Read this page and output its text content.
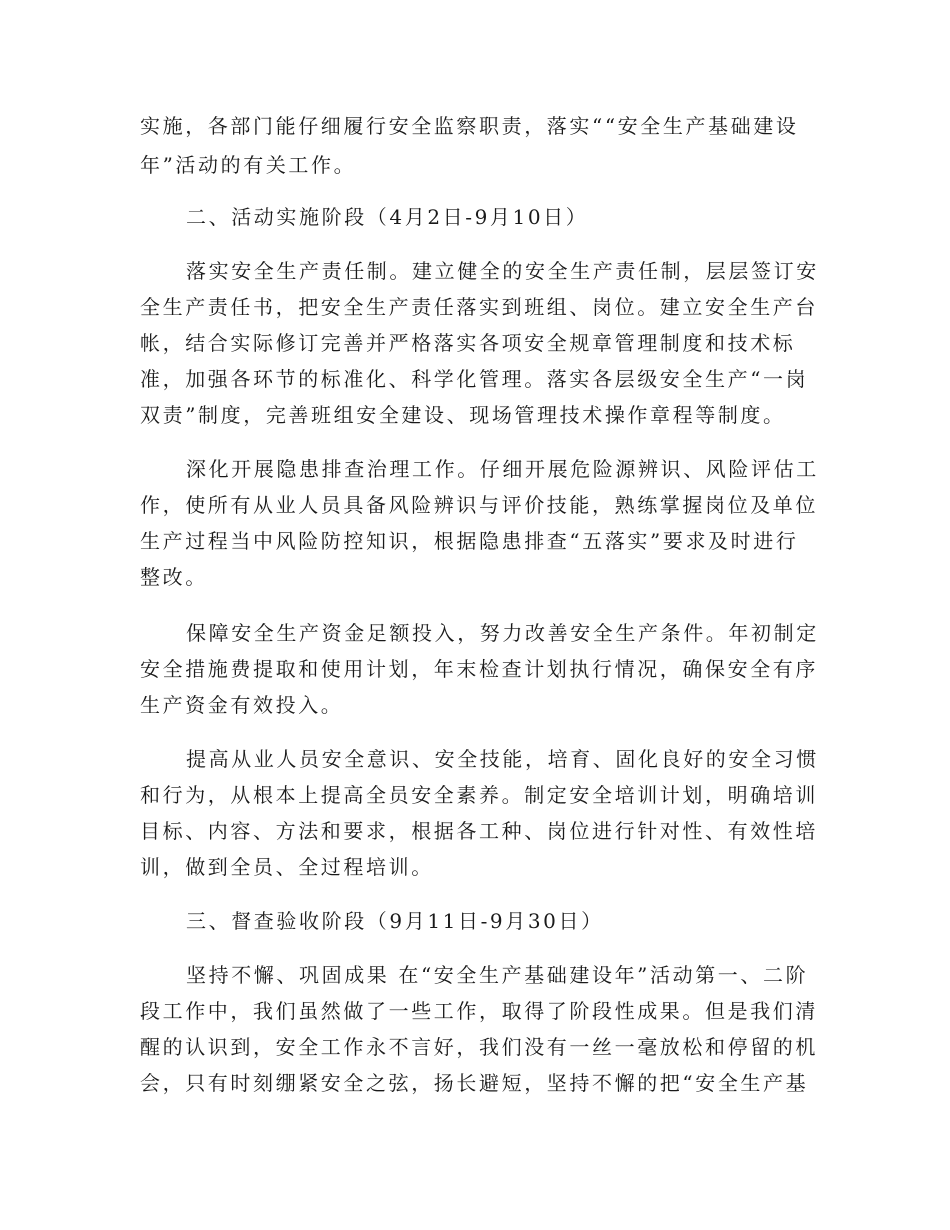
实施，各部门能仔细履行安全监察职责，落实““安全生产基础建设
年”活动的有关工作。
二、活动实施阶段（4月2日-9月10日）
落实安全生产责任制。建立健全的安全生产责任制，层层签订安
全生产责任书，把安全生产责任落实到班组、岗位。建立安全生产台
帐，结合实际修订完善并严格落实各项安全规章管理制度和技术标
准，加强各环节的标准化、科学化管理。落实各层级安全生产“一岗
双责”制度，完善班组安全建设、现场管理技术操作章程等制度。
深化开展隐患排查治理工作。仔细开展危险源辨识、风险评估工
作，使所有从业人员具备风险辨识与评价技能，熟练掌握岗位及单位
生产过程当中风险防控知识，根据隐患排查“五落实”要求及时进行
整改。
保障安全生产资金足额投入，努力改善安全生产条件。年初制定
安全措施费提取和使用计划，年末检查计划执行情况，确保安全有序
生产资金有效投入。
提高从业人员安全意识、安全技能，培育、固化良好的安全习惯
和行为，从根本上提高全员安全素养。制定安全培训计划，明确培训
目标、内容、方法和要求，根据各工种、岗位进行针对性、有效性培
训，做到全员、全过程培训。
三、督查验收阶段（9月11日-9月30日）
坚持不懈、巩固成果 在“安全生产基础建设年”活动第一、二阶
段工作中，我们虽然做了一些工作，取得了阶段性成果。但是我们清
醒的认识到，安全工作永不言好，我们没有一丝一毫放松和停留的机
会，只有时刻绷紧安全之弦，扬长避短，坚持不懈的把“安全生产基
